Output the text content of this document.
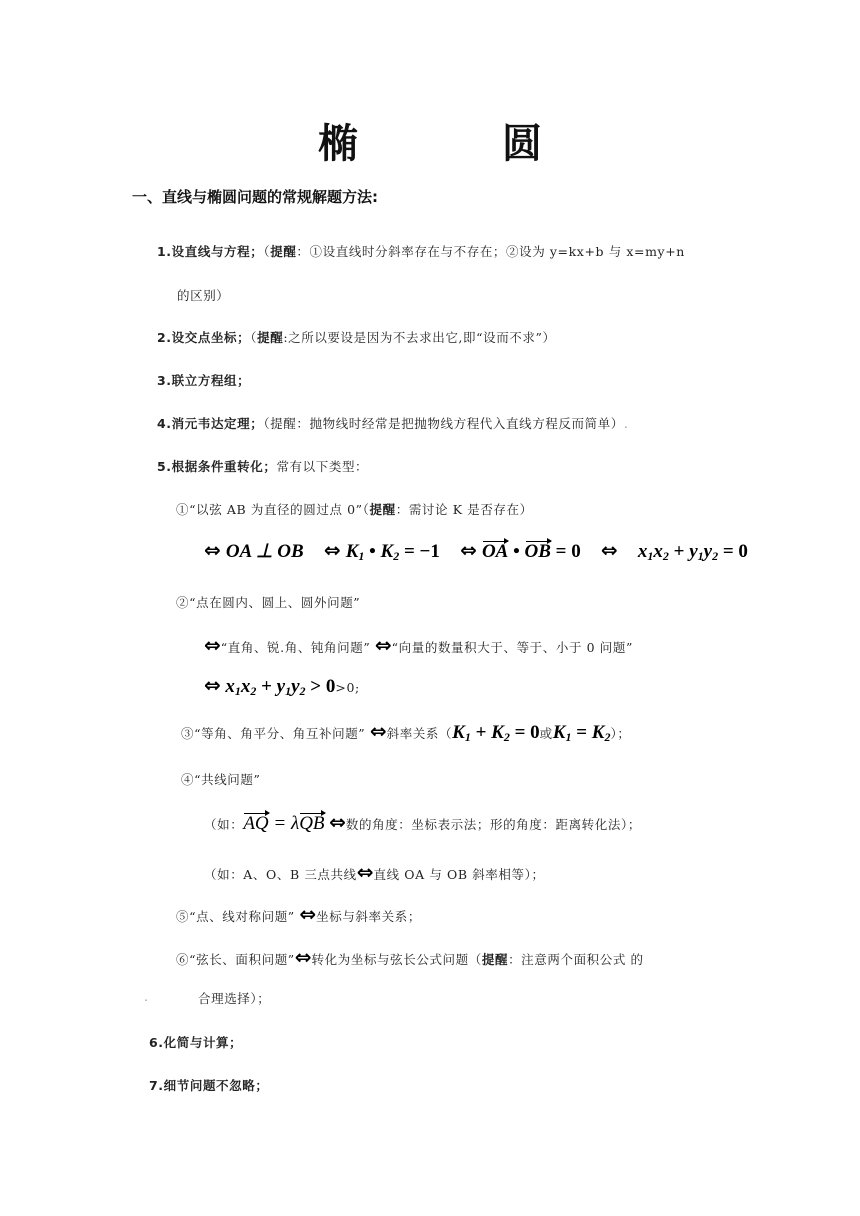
椭　圆
一、直线与椭圆问题的常规解题方法:
1.设直线与方程；（提醒：①设直线时分斜率存在与不存在；②设为 y=kx+b 与 x=my+n
的区别）
2.设交点坐标；（提醒:之所以要设是因为不去求出它,即“设而不求”）
3.联立方程组；
4.消元韦达定理；（提醒：抛物线时经常是把抛物线方程代入直线方程反而简单）.
5.根据条件重转化；常有以下类型：
①“以弦 AB 为直径的圆过点 0”（提醒：需讨论 K 是否存在）
⇔ OA ⊥ OB ⇔ $K_1$ • $K_2 = -1$ ⇔ OA • OB = 0 ⇔ $x_1x_2 + y_1y_2 = 0$
②“点在圆内、圆上、圆外问题”
⇔“直角、锐.角、钝角问题” ⇔“向量的数量积大于、等于、小于 0 问题”
⇔ $x_1x_2 + y_1y_2 > 0>0$;
③“等角、角平分、角互补问题” ⇔斜率关系（$K_1 + K_2 = 0$或$K_1 = K_2$）；
④“共线问题”
（如：AQ = λQB ⇔数的角度：坐标表示法；形的角度：距离转化法）；
（如：A、O、B 三点共线⇔直线 OA 与 OB 斜率相等）；
⑤“点、线对称问题” ⇔坐标与斜率关系；
⑥“弦长、面积问题”⇔转化为坐标与弦长公式问题（提醒：注意两个面积公式 的
.	合理选择）；
6.化简与计算；
7.细节问题不忽略；
